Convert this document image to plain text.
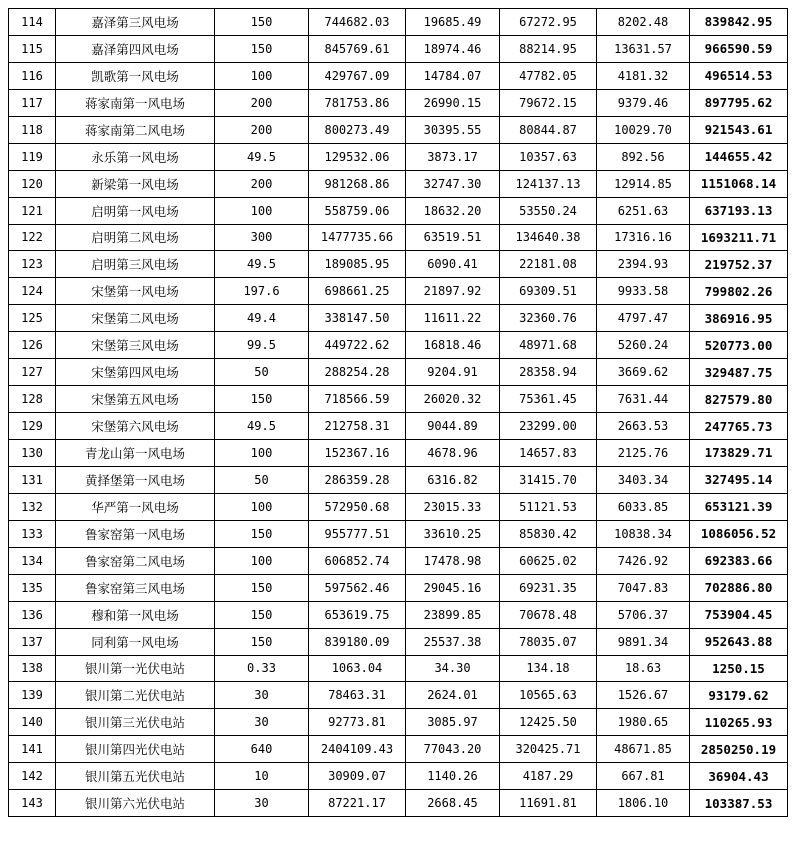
114	嘉泽第三风电场	150	744682.03	19685.49	67272.95	8202.48	839842.95
115	嘉泽第四风电场	150	845769.61	18974.46	88214.95	13631.57	966590.59
116	凯歌第一风电场	100	429767.09	14784.07	47782.05	4181.32	496514.53
117	蒋家南第一风电场	200	781753.86	26990.15	79672.15	9379.46	897795.62
118	蒋家南第二风电场	200	800273.49	30395.55	80844.87	10029.70	921543.61
119	永乐第一风电场	49.5	129532.06	3873.17	10357.63	892.56	144655.42
120	新梁第一风电场	200	981268.86	32747.30	124137.13	12914.85	1151068.14
121	启明第一风电场	100	558759.06	18632.20	53550.24	6251.63	637193.13
122	启明第二风电场	300	1477735.66	63519.51	134640.38	17316.16	1693211.71
123	启明第三风电场	49.5	189085.95	6090.41	22181.08	2394.93	219752.37
124	宋堡第一风电场	197.6	698661.25	21897.92	69309.51	9933.58	799802.26
125	宋堡第二风电场	49.4	338147.50	11611.22	32360.76	4797.47	386916.95
126	宋堡第三风电场	99.5	449722.62	16818.46	48971.68	5260.24	520773.00
127	宋堡第四风电场	50	288254.28	9204.91	28358.94	3669.62	329487.75
128	宋堡第五风电场	150	718566.59	26020.32	75361.45	7631.44	827579.80
129	宋堡第六风电场	49.5	212758.31	9044.89	23299.00	2663.53	247765.73
130	青龙山第一风电场	100	152367.16	4678.96	14657.83	2125.76	173829.71
131	黄择堡第一风电场	50	286359.28	6316.82	31415.70	3403.34	327495.14
132	华严第一风电场	100	572950.68	23015.33	51121.53	6033.85	653121.39
133	鲁家窑第一风电场	150	955777.51	33610.25	85830.42	10838.34	1086056.52
134	鲁家窑第二风电场	100	606852.74	17478.98	60625.02	7426.92	692383.66
135	鲁家窑第三风电场	150	597562.46	29045.16	69231.35	7047.83	702886.80
136	穆和第一风电场	150	653619.75	23899.85	70678.48	5706.37	753904.45
137	同利第一风电场	150	839180.09	25537.38	78035.07	9891.34	952643.88
138	银川第一光伏电站	0.33	1063.04	34.30	134.18	18.63	1250.15
139	银川第二光伏电站	30	78463.31	2624.01	10565.63	1526.67	93179.62
140	银川第三光伏电站	30	92773.81	3085.97	12425.50	1980.65	110265.93
141	银川第四光伏电站	640	2404109.43	77043.20	320425.71	48671.85	2850250.19
142	银川第五光伏电站	10	30909.07	1140.26	4187.29	667.81	36904.43
143	银川第六光伏电站	30	87221.17	2668.45	11691.81	1806.10	103387.53
